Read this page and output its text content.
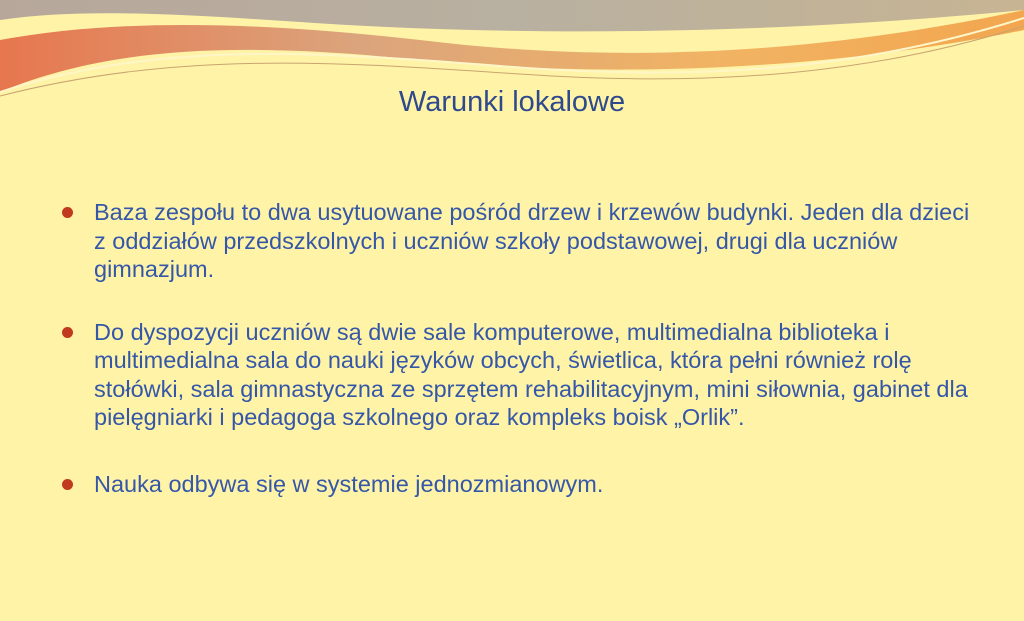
Warunki lokalowe
Baza zespołu to dwa usytuowane pośród drzew i krzewów budynki. Jeden dla dzieci z oddziałów przedszkolnych i uczniów szkoły podstawowej, drugi dla uczniów gimnazjum.
Do dyspozycji uczniów są dwie sale komputerowe, multimedialna biblioteka i multimedialna sala do nauki języków obcych, świetlica, która pełni również rolę stołówki, sala gimnastyczna ze sprzętem rehabilitacyjnym, mini siłownia, gabinet dla pielęgniarki i pedagoga szkolnego oraz kompleks boisk „Orlik”.
Nauka odbywa się w systemie jednozmianowym.
